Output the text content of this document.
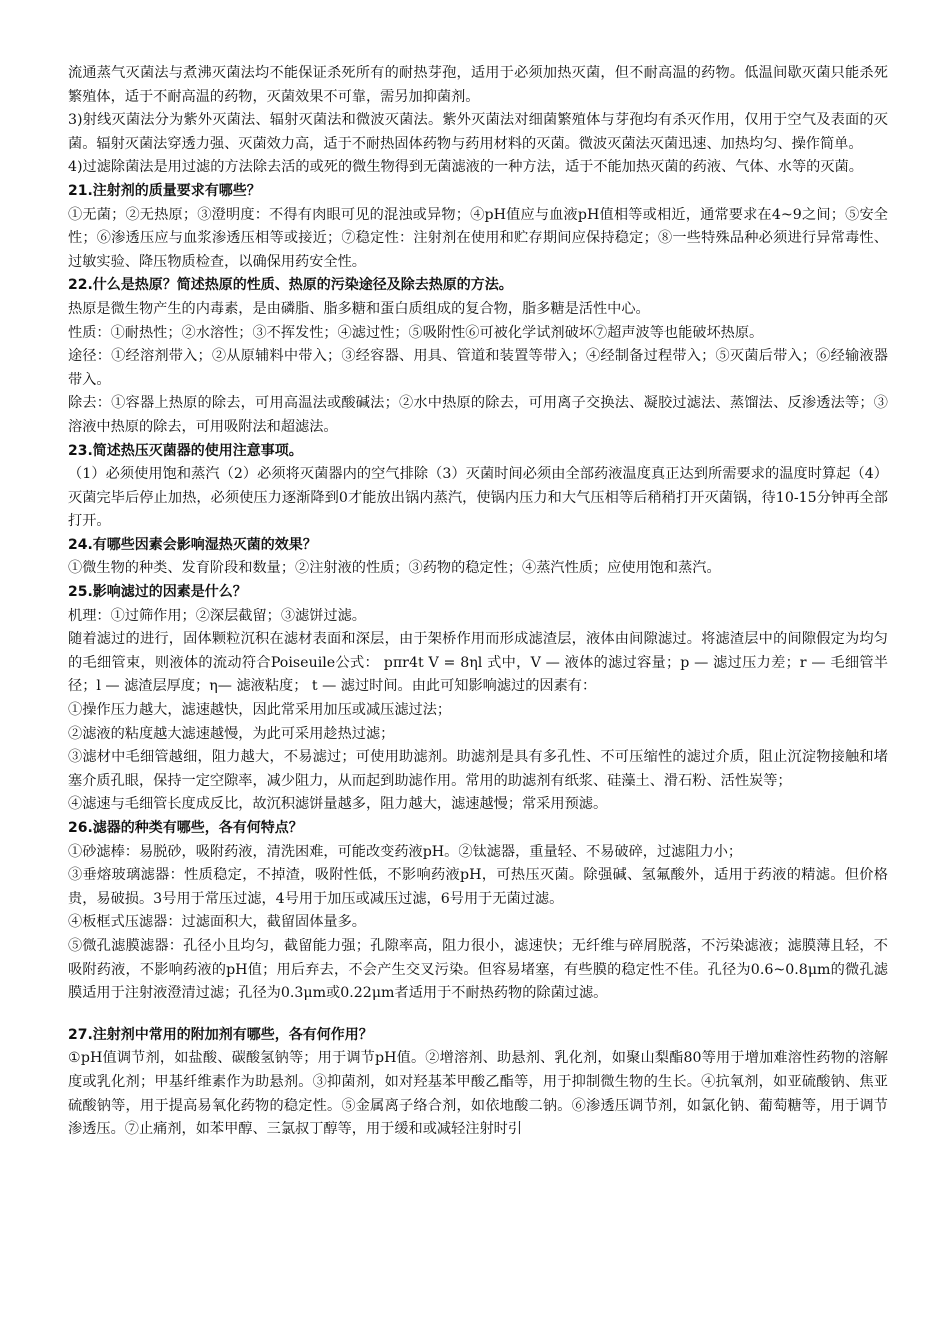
流通蒸气灭菌法与煮沸灭菌法均不能保证杀死所有的耐热芽孢，适用于必须加热灭菌，但不耐高温的药物。低温间歇灭菌只能杀死繁殖体，适于不耐高温的药物，灭菌效果不可靠，需另加抑菌剂。
3)射线灭菌法分为紫外灭菌法、辐射灭菌法和微波灭菌法。紫外灭菌法对细菌繁殖体与芽孢均有杀灭作用，仅用于空气及表面的灭菌。辐射灭菌法穿透力强、灭菌效力高，适于不耐热固体药物与药用材料的灭菌。微波灭菌法灭菌迅速、加热均匀、操作简单。
4)过滤除菌法是用过滤的方法除去活的或死的微生物得到无菌滤液的一种方法，适于不能加热灭菌的药液、气体、水等的灭菌。
21.注射剂的质量要求有哪些？
①无菌；②无热原；③澄明度：不得有肉眼可见的混浊或异物；④pH值应与血液pH值相等或相近，通常要求在4~9之间；⑤安全性；⑥渗透压应与血浆渗透压相等或接近；⑦稳定性：注射剂在使用和贮存期间应保持稳定；⑧一些特殊品种必须进行异常毒性、过敏实验、降压物质检查，以确保用药安全性。
22.什么是热原？简述热原的性质、热原的污染途径及除去热原的方法。
热原是微生物产生的内毒素，是由磷脂、脂多糖和蛋白质组成的复合物，脂多糖是活性中心。
性质：①耐热性；②水溶性；③不挥发性；④滤过性；⑤吸附性⑥可被化学试剂破坏⑦超声波等也能破坏热原。
途径：①经溶剂带入；②从原辅料中带入；③经容器、用具、管道和装置等带入；④经制备过程带入；⑤灭菌后带入；⑥经输液器带入。
除去：①容器上热原的除去，可用高温法或酸碱法；②水中热原的除去，可用离子交换法、凝胶过滤法、蒸馏法、反渗透法等；③溶液中热原的除去，可用吸附法和超滤法。
23.简述热压灭菌器的使用注意事项。
（1）必须使用饱和蒸汽（2）必须将灭菌器内的空气排除（3）灭菌时间必须由全部药液温度真正达到所需要求的温度时算起（4）灭菌完毕后停止加热，必须使压力逐渐降到0才能放出锅内蒸汽，使锅内压力和大气压相等后稍稍打开灭菌锅，待10-15分钟再全部打开。
24.有哪些因素会影响湿热灭菌的效果？
①微生物的种类、发育阶段和数量；②注射液的性质；③药物的稳定性；④蒸汽性质；应使用饱和蒸汽。
25.影响滤过的因素是什么？
机理：①过筛作用；②深层截留；③滤饼过滤。
随着滤过的进行，固体颗粒沉积在滤材表面和深层，由于架桥作用而形成滤渣层，液体由间隙滤过。将滤渣层中的间隙假定为均匀的毛细管束，则液体的流动符合Poiseuile公式： pπr4t V = 8ηl 式中，V — 液体的滤过容量；p — 滤过压力差；r — 毛细管半径；l — 滤渣层厚度；η— 滤液粘度； t — 滤过时间。由此可知影响滤过的因素有：
①操作压力越大，滤速越快，因此常采用加压或减压滤过法；
②滤液的粘度越大滤速越慢，为此可采用趁热过滤；
③滤材中毛细管越细，阻力越大，不易滤过；可使用助滤剂。助滤剂是具有多孔性、不可压缩性的滤过介质，阻止沉淀物接触和堵塞介质孔眼，保持一定空隙率，减少阻力，从而起到助滤作用。常用的助滤剂有纸浆、硅藻土、滑石粉、活性炭等；
④滤速与毛细管长度成反比，故沉积滤饼量越多，阻力越大，滤速越慢；常采用预滤。
26.滤器的种类有哪些，各有何特点？
①砂滤棒：易脱砂，吸附药液，清洗困难，可能改变药液pH。②钛滤器，重量轻、不易破碎，过滤阻力小；
③垂熔玻璃滤器：性质稳定，不掉渣，吸附性低，不影响药液pH，可热压灭菌。除强碱、氢氟酸外，适用于药液的精滤。但价格贵，易破损。3号用于常压过滤，4号用于加压或减压过滤，6号用于无菌过滤。
④板框式压滤器：过滤面积大，截留固体量多。
⑤微孔滤膜滤器：孔径小且均匀，截留能力强；孔隙率高，阻力很小，滤速快；无纤维与碎屑脱落，不污染滤液；滤膜薄且轻，不吸附药液，不影响药液的pH值；用后弃去，不会产生交叉污染。但容易堵塞，有些膜的稳定性不佳。孔径为0.6~0.8μm的微孔滤膜适用于注射液澄清过滤；孔径为0.3μm或0.22μm者适用于不耐热药物的除菌过滤。
27.注射剂中常用的附加剂有哪些，各有何作用？
①pH值调节剂，如盐酸、碳酸氢钠等；用于调节pH值。②增溶剂、助悬剂、乳化剂，如聚山梨酯80等用于增加难溶性药物的溶解度或乳化剂；甲基纤维素作为助悬剂。③抑菌剂，如对羟基苯甲酸乙酯等，用于抑制微生物的生长。④抗氧剂，如亚硫酸钠、焦亚硫酸钠等，用于提高易氧化药物的稳定性。⑤金属离子络合剂，如依地酸二钠。⑥渗透压调节剂，如氯化钠、葡萄糖等，用于调节渗透压。⑦止痛剂，如苯甲醇、三氯叔丁醇等，用于缓和或减轻注射时引
